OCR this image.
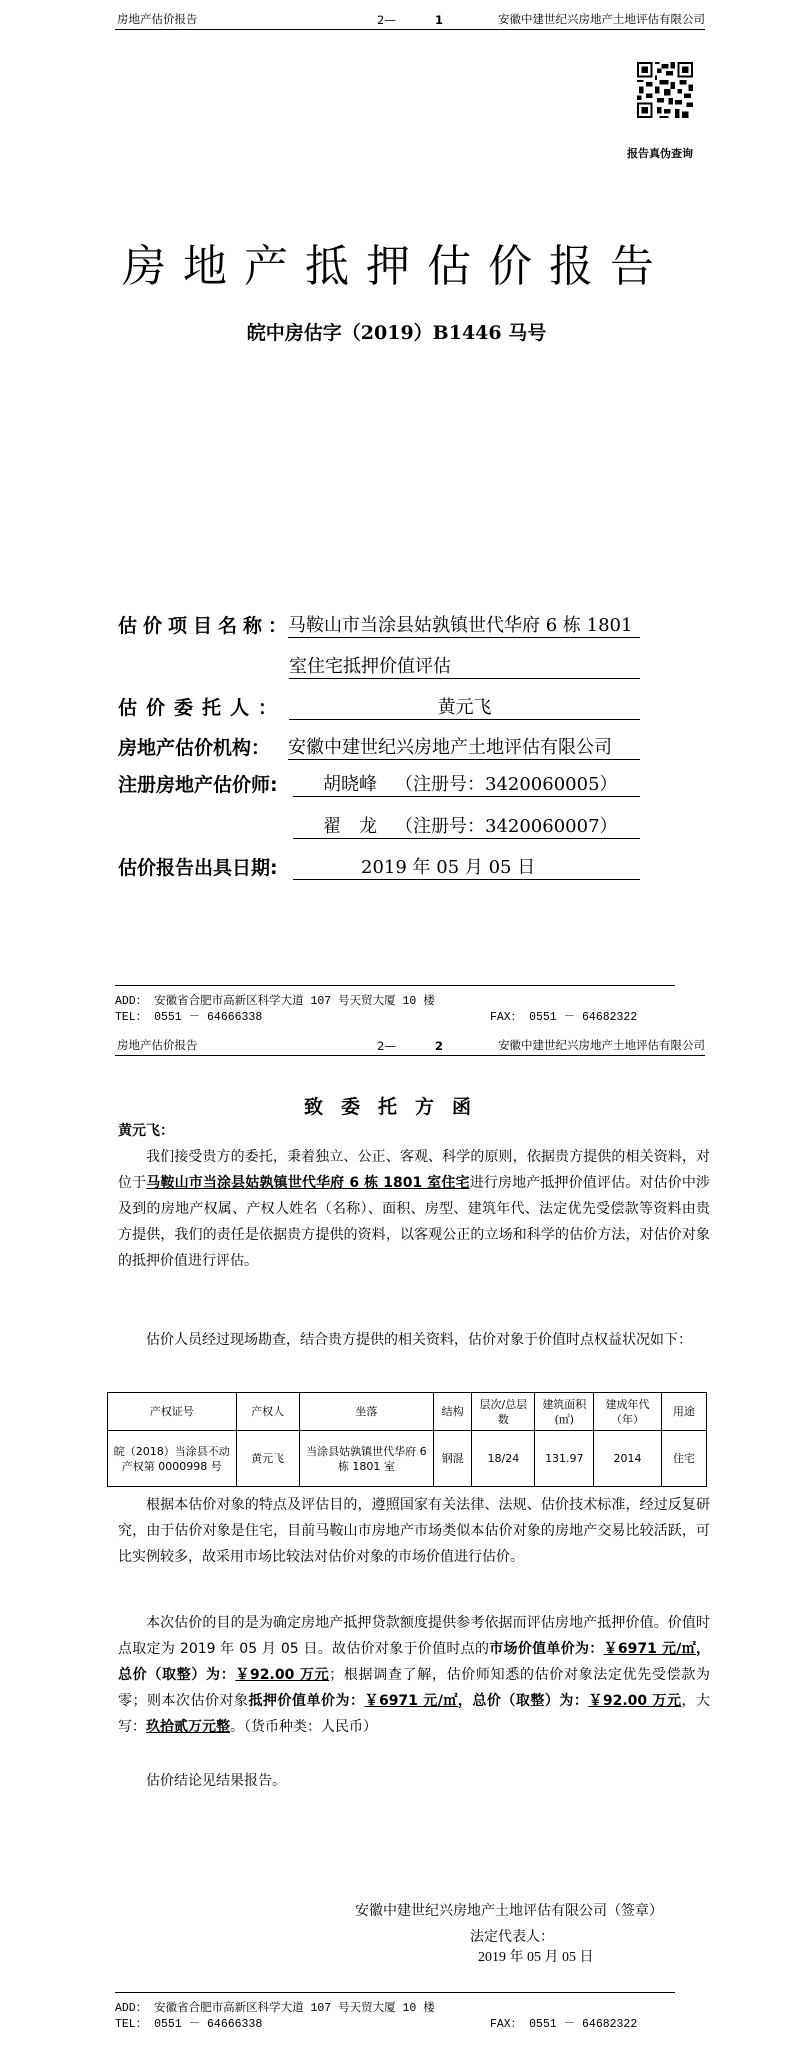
房地产估价报告	2—	1	安徽中建世纪兴房地产土地评估有限公司
报告真伪查询
房地产抵押估价报告
皖中房估字（2019）B1446 马号
估价项目名称：
马鞍山市当涂县姑孰镇世代华府 6 栋 1801
室住宅抵押价值评估
估价委托人：	黄元飞
房地产估价机构： 安徽中建世纪兴房地产土地评估有限公司
注册房地产估价师:	胡晓峰  （注册号：3420060005）
翟　龙  （注册号：3420060007）
估价报告出具日期:	2019 年 05 月 05 日
ADD： 安徽省合肥市高新区科学大道 107 号天贸大厦 10 楼
TEL： 0551 － 64666338	FAX： 0551 － 64682322
房地产估价报告	2—	2	安徽中建世纪兴房地产土地评估有限公司
致委托方函
黄元飞：
我们接受贵方的委托，秉着独立、公正、客观、科学的原则，依据贵方提供的相关资料，对位于马鞍山市当涂县姑孰镇世代华府 6 栋 1801 室住宅进行房地产抵押价值评估。对估价中涉及到的房地产权属、产权人姓名（名称）、面积、房型、建筑年代、法定优先受偿款等资料由贵方提供，我们的责任是依据贵方提供的资料，以客观公正的立场和科学的估价方法，对估价对象的抵押价值进行评估。
估价人员经过现场勘查，结合贵方提供的相关资料，估价对象于价值时点权益状况如下：
产权证号	产权人	坐落	结构	层次/总层数	建筑面积(㎡)	建成年代（年）	用途
皖（2018）当涂县不动产权第 0000998 号	黄元飞	当涂县姑孰镇世代华府 6 栋 1801 室	钢混	18/24	131.97	2014	住宅
根据本估价对象的特点及评估目的，遵照国家有关法律、法规、估价技术标准，经过反复研究，由于估价对象是住宅，目前马鞍山市房地产市场类似本估价对象的房地产交易比较活跃，可比实例较多，故采用市场比较法对估价对象的市场价值进行估价。
本次估价的目的是为确定房地产抵押贷款额度提供参考依据而评估房地产抵押价值。价值时点取定为 2019 年 05 月 05 日。故估价对象于价值时点的市场价值单价为：￥6971 元/㎡，总价（取整）为：￥92.00 万元；根据调查了解，估价师知悉的估价对象法定优先受偿款为零；则本次估价对象抵押价值单价为：￥6971 元/㎡，总价（取整）为：￥92.00 万元，大写：玖拾贰万元整。（货币种类：人民币）
估价结论见结果报告。
安徽中建世纪兴房地产土地评估有限公司（签章）
法定代表人：
2019 年 05 月 05 日
ADD： 安徽省合肥市高新区科学大道 107 号天贸大厦 10 楼
TEL： 0551 － 64666338	FAX： 0551 － 64682322
